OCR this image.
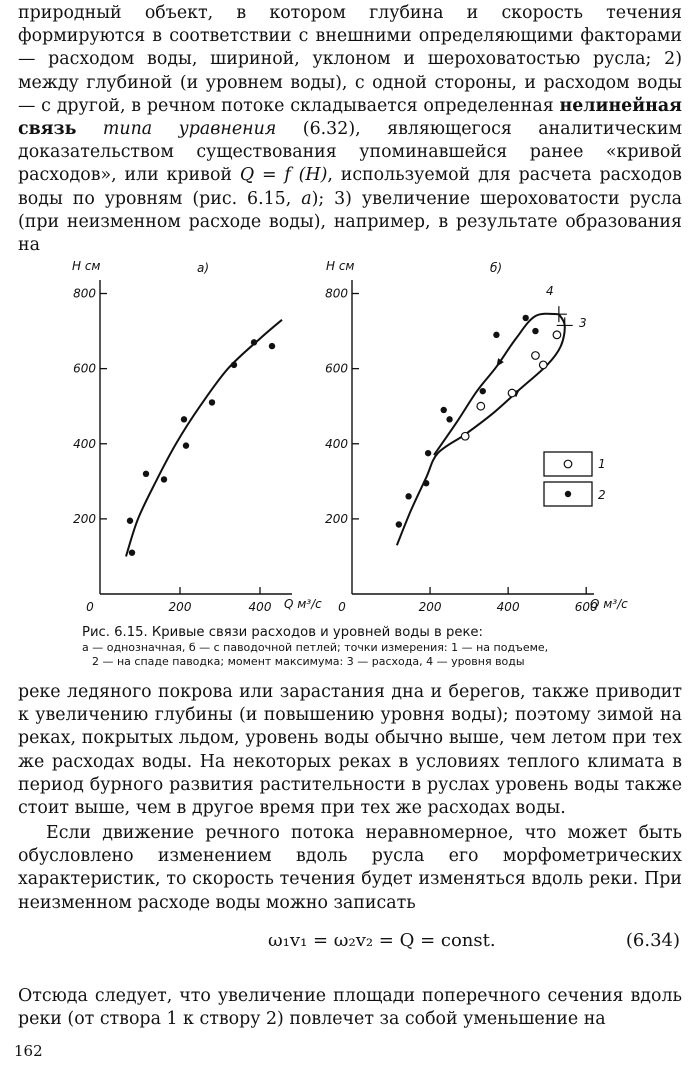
природный объект, в котором глубина и скорость течения формируются в соответствии с внешними определяющими факторами — расходом воды, шириной, уклоном и шероховатостью русла; 2) между глубиной (и уровнем воды), с одной стороны, и расходом воды — с другой, в речном потоке складывается определенная нелинейная связь типа уравнения (6.32), являющегося аналитическим доказательством существования упоминавшейся ранее «кривой расходов», или кривой Q = f (H), используемой для расчета расходов воды по уровням (рис. 6.15, а); 3) увеличение шероховатости русла (при неизменном расходе воды), например, в результате образования на

а)
H см
Q м³/с
200
400
600
800
0	200	400
б)
H см
Q м³/с
3
4
200
400
600
800
0	200	400	600
1
2
Рис. 6.15. Кривые связи расходов и уровней воды в реке:
а — однозначная, б — с паводочной петлей; точки измерения: 1 — на подъеме,
2 — на спаде паводка; момент максимума: 3 — расхода, 4 — уровня воды

реке ледяного покрова или зарастания дна и берегов, также приводит к увеличению глубины (и повышению уровня воды); поэтому зимой на реках, покрытых льдом, уровень воды обычно выше, чем летом при тех же расходах воды. На некоторых реках в условиях теплого климата в период бурного развития растительности в руслах уровень воды также стоит выше, чем в другое время при тех же расходах воды.

Если движение речного потока неравномерное, что может быть обусловлено изменением вдоль русла его морфометрических характеристик, то скорость течения будет изменяться вдоль реки. При неизменном расходе воды можно записать

ω₁v₁ = ω₂v₂ = Q = const.	(6.34)

Отсюда следует, что увеличение площади поперечного сечения вдоль реки (от створа 1 к створу 2) повлечет за собой уменьшение на

162
